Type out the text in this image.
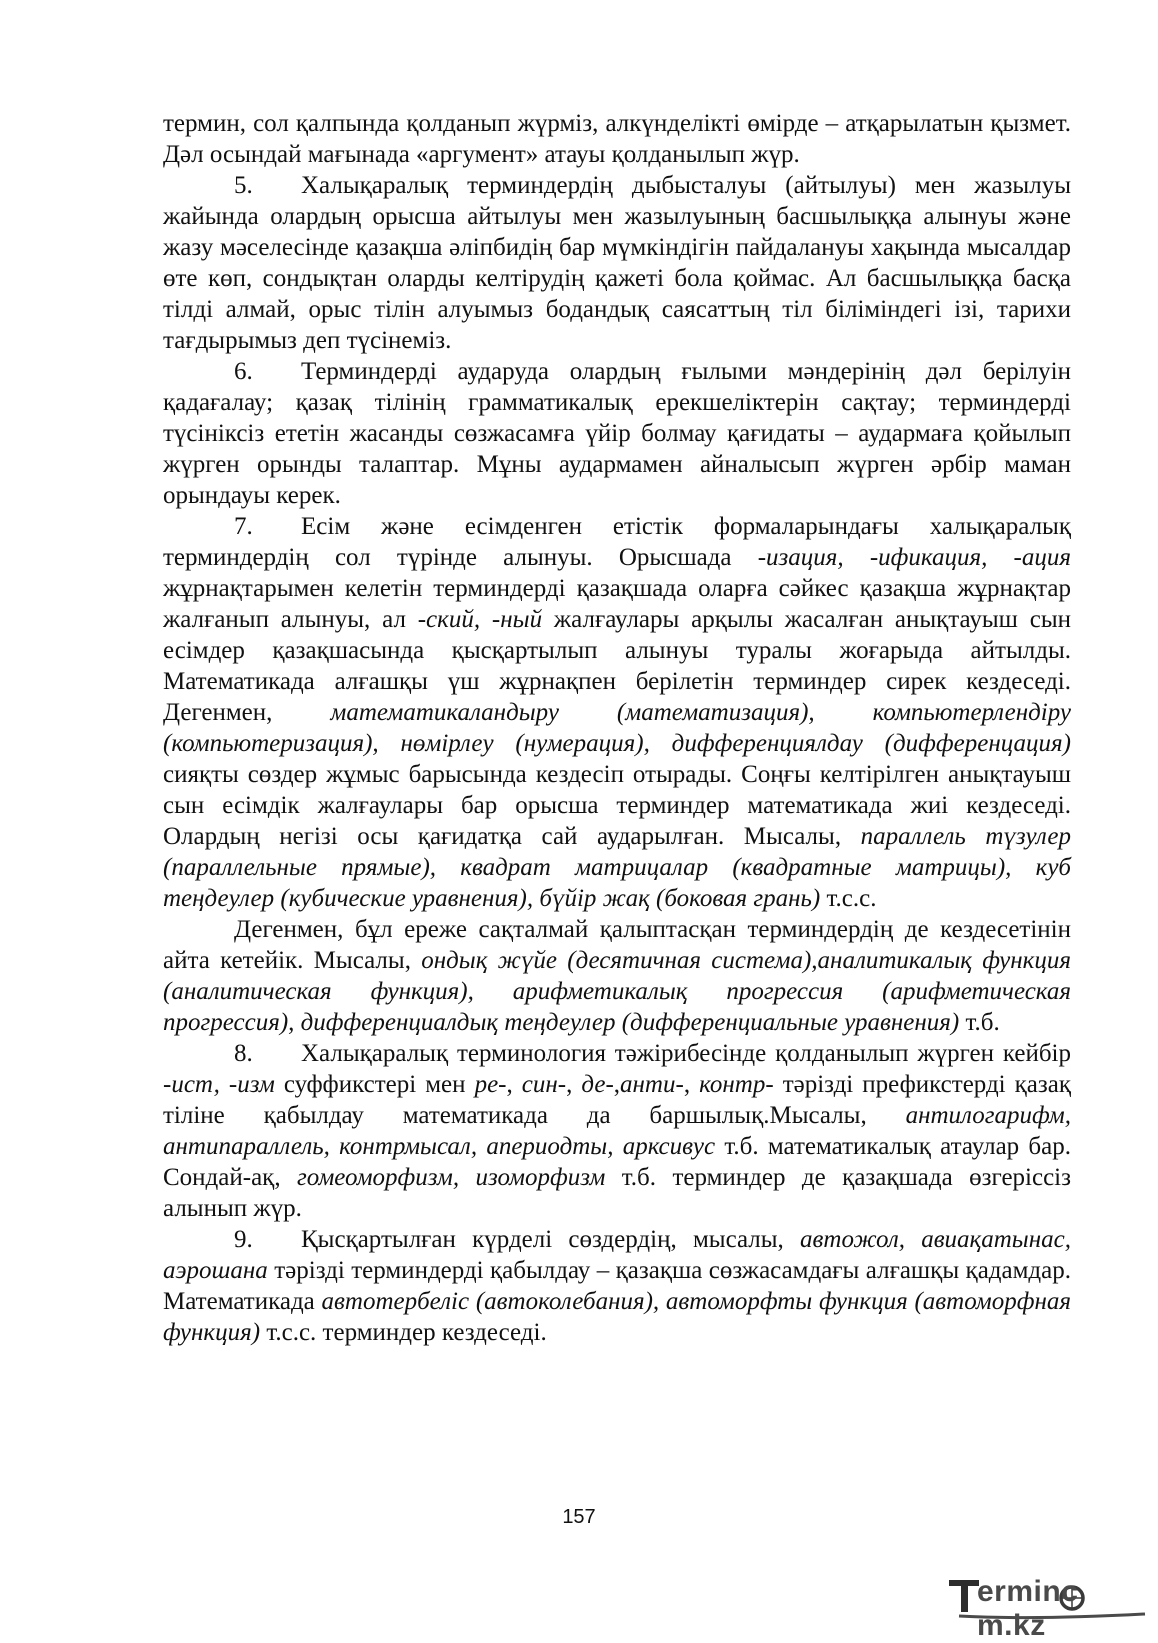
термин, сол қалпында қолданып жүрміз, алкүнделікті өмірде – атқарылатын қызмет. Дәл осындай мағынада «аргумент» атауы қолданылып жүр.

5. Халықаралық терминдердің дыбысталуы (айтылуы) мен жазылуы жайында олардың орысша айтылуы мен жазылуының басшылыққа алынуы және жазу мәселесінде қазақша әліпбидің бар мүмкіндігін пайдалануы хақында мысалдар өте көп, сондықтан оларды келтірудің қажеті бола қоймас. Ал басшылыққа басқа тілді алмай, орыс тілін алуымыз бодандық саясаттың тіл біліміндегі ізі, тарихи тағдырымыз деп түсінеміз.

6. Терминдерді аударуда олардың ғылыми мәндерінің дәл берілуін қадағалау; қазақ тілінің грамматикалық ерекшеліктерін сақтау; терминдерді түсініксіз ететін жасанды сөзжасамға үйір болмау қағидаты – аудармаға қойылып жүрген орынды талаптар. Мұны аудармамен айналысып жүрген әрбір маман орындауы керек.

7. Есім және есімденген етістік формаларындағы халықаралық терминдердің сол түрінде алынуы. Орысшада -изация, -ификация, -ация жұрнақтарымен келетін терминдерді қазақшада оларға сәйкес қазақша жұрнақтар жалғанып алынуы, ал -ский, -ный жалғаулары арқылы жасалған анықтауыш сын есімдер қазақшасында қысқартылып алынуы туралы жоғарыда айтылды. Математикада алғашқы үш жұрнақпен берілетін терминдер сирек кездеседі. Дегенмен, математикаландыру (математизация), компьютерлендіру (компьютеризация), нөмірлеу (нумерация), дифференциялдау (дифференцация) сияқты сөздер жұмыс барысында кездесіп отырады. Соңғы келтірілген анықтауыш сын есімдік жалғаулары бар орысша терминдер математикада жиі кездеседі. Олардың негізі осы қағидатқа сай аударылған. Мысалы, параллель түзулер (параллельные прямые), квадрат матрицалар (квадратные матрицы), куб теңдеулер (кубические уравнения), бүйір жақ (боковая грань) т.с.с.

Дегенмен, бұл ереже сақталмай қалыптасқан терминдердің де кездесетінін айта кетейік. Мысалы, ондық жүйе (десятичная система),аналитикалық функция (аналитическая функция), арифметикалық прогрессия (арифметическая прогрессия), дифференциалдық теңдеулер (дифференциальные уравнения) т.б.

8. Халықаралық терминология тәжірибесінде қолданылып жүрген кейбір -ист, -изм суффикстері мен ре-, син-, де-,анти-, контр- тәрізді префикстерді қазақ тіліне қабылдау математикада да баршылық.Мысалы, антилогарифм, антипараллель, контрмысал, апериодты, арксивус т.б. математикалық атаулар бар. Сондай-ақ, гомеоморфизм, изоморфизм т.б. терминдер де қазақшада өзгеріссіз алынып жүр.

9. Қысқартылған күрделі сөздердің, мысалы, автожол, авиақатынас, аэрошана тәрізді терминдерді қабылдау – қазақша сөзжасамдағы алғашқы қадамдар. Математикада автотербеліс (автоколебания), автоморфты функция (автоморфная функция) т.с.с. терминдер кездеседі.

157
ermincm.kz
